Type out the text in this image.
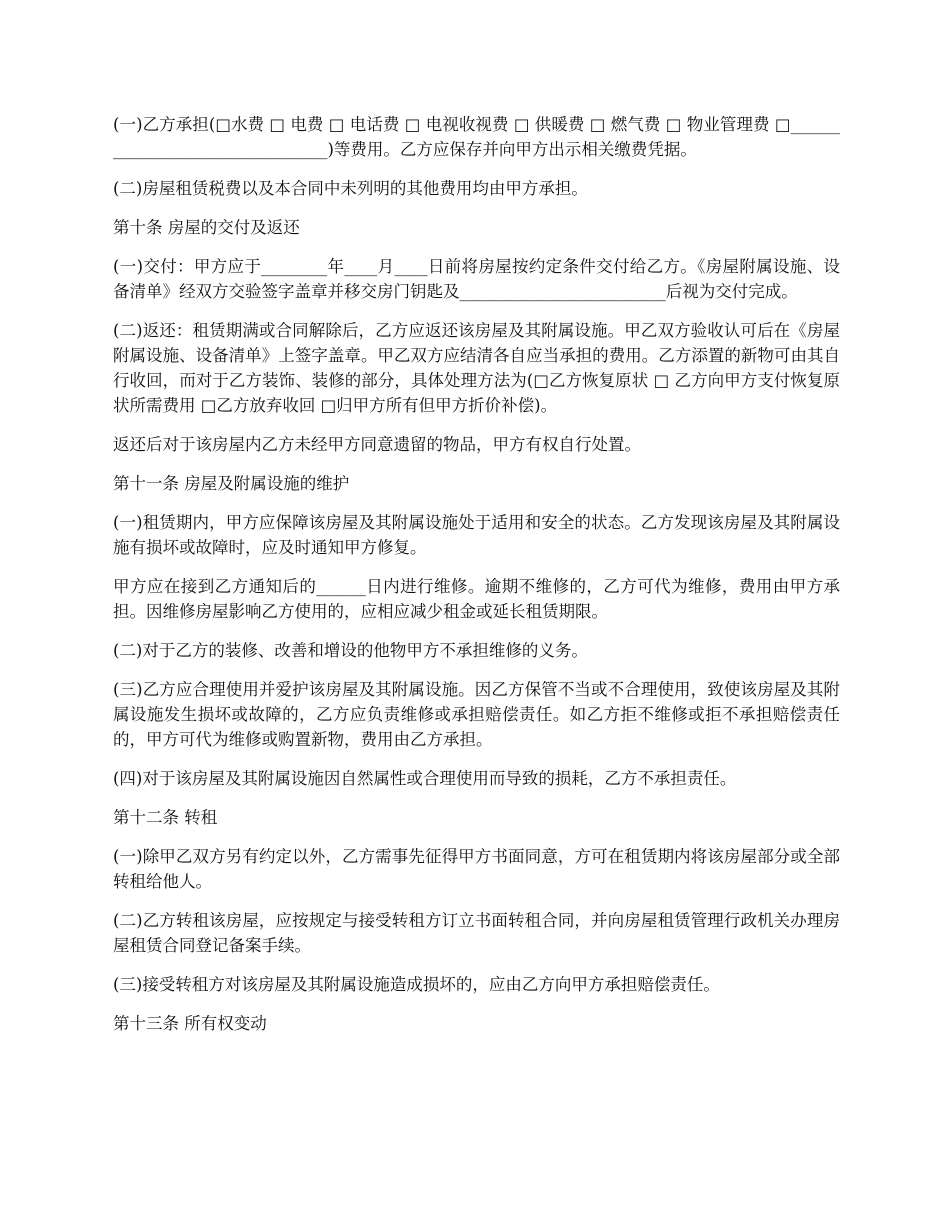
(一)乙方承担(□水费 □ 电费 □ 电话费 □ 电视收视费 □ 供暖费 □ 燃气费 □ 物业管理费 □________________________________)等费用。乙方应保存并向甲方出示相关缴费凭据。

(二)房屋租赁税费以及本合同中未列明的其他费用均由甲方承担。

第十条 房屋的交付及返还

(一)交付：甲方应于________年____月____日前将房屋按约定条件交付给乙方。《房屋附属设施、设备清单》经双方交验签字盖章并移交房门钥匙及_________________________后视为交付完成。

(二)返还：租赁期满或合同解除后，乙方应返还该房屋及其附属设施。甲乙双方验收认可后在《房屋附属设施、设备清单》上签字盖章。甲乙双方应结清各自应当承担的费用。乙方添置的新物可由其自行收回，而对于乙方装饰、装修的部分，具体处理方法为(□乙方恢复原状 □ 乙方向甲方支付恢复原状所需费用 □乙方放弃收回 □归甲方所有但甲方折价补偿)。

返还后对于该房屋内乙方未经甲方同意遗留的物品，甲方有权自行处置。

第十一条 房屋及附属设施的维护

(一)租赁期内，甲方应保障该房屋及其附属设施处于适用和安全的状态。乙方发现该房屋及其附属设施有损坏或故障时，应及时通知甲方修复。

甲方应在接到乙方通知后的______日内进行维修。逾期不维修的，乙方可代为维修，费用由甲方承担。因维修房屋影响乙方使用的，应相应减少租金或延长租赁期限。

(二)对于乙方的装修、改善和增设的他物甲方不承担维修的义务。

(三)乙方应合理使用并爱护该房屋及其附属设施。因乙方保管不当或不合理使用，致使该房屋及其附属设施发生损坏或故障的，乙方应负责维修或承担赔偿责任。如乙方拒不维修或拒不承担赔偿责任的，甲方可代为维修或购置新物，费用由乙方承担。

(四)对于该房屋及其附属设施因自然属性或合理使用而导致的损耗，乙方不承担责任。

第十二条 转租

(一)除甲乙双方另有约定以外，乙方需事先征得甲方书面同意，方可在租赁期内将该房屋部分或全部转租给他人。

(二)乙方转租该房屋，应按规定与接受转租方订立书面转租合同，并向房屋租赁管理行政机关办理房屋租赁合同登记备案手续。

(三)接受转租方对该房屋及其附属设施造成损坏的，应由乙方向甲方承担赔偿责任。

第十三条 所有权变动
